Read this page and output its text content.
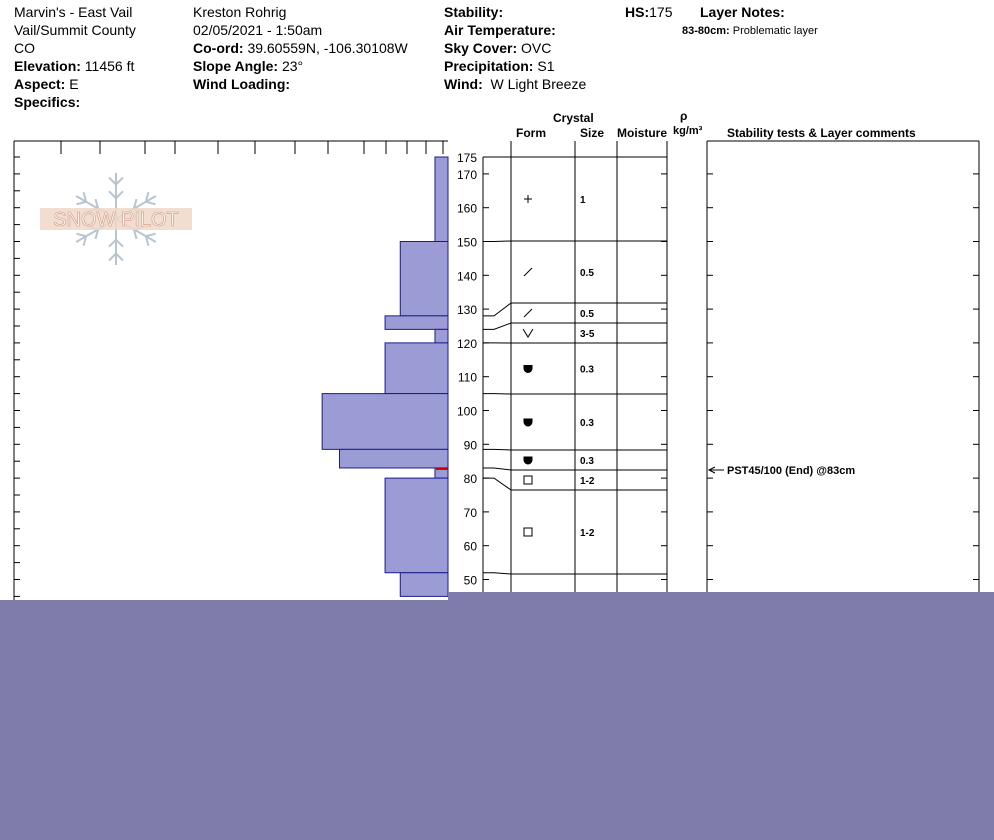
Marvin's - East Vail
Vail/Summit County
CO
Elevation: 11456 ft
Aspect: E
Specifics:
Kreston Rohrig
02/05/2021 - 1:50am
Co-ord: 39.60559N, -106.30108W
Slope Angle: 23°
Wind Loading:
Stability:
Air Temperature:
Sky Cover: OVC
Precipitation: S1
Wind: W Light Breeze
HS:175 Layer Notes:
83-80cm: Problematic layer
Crystal
Form	Size Moisture
ρ
kg/m³ Stability tests & Layer comments
SNOW PILOT
175
170
160
150
140
130
120
110
100
90
80
70
60
50
1
0.5
0.5
3-5
0.3
0.3
0.3
1-2
1-2
PST45/100 (End) @83cm
